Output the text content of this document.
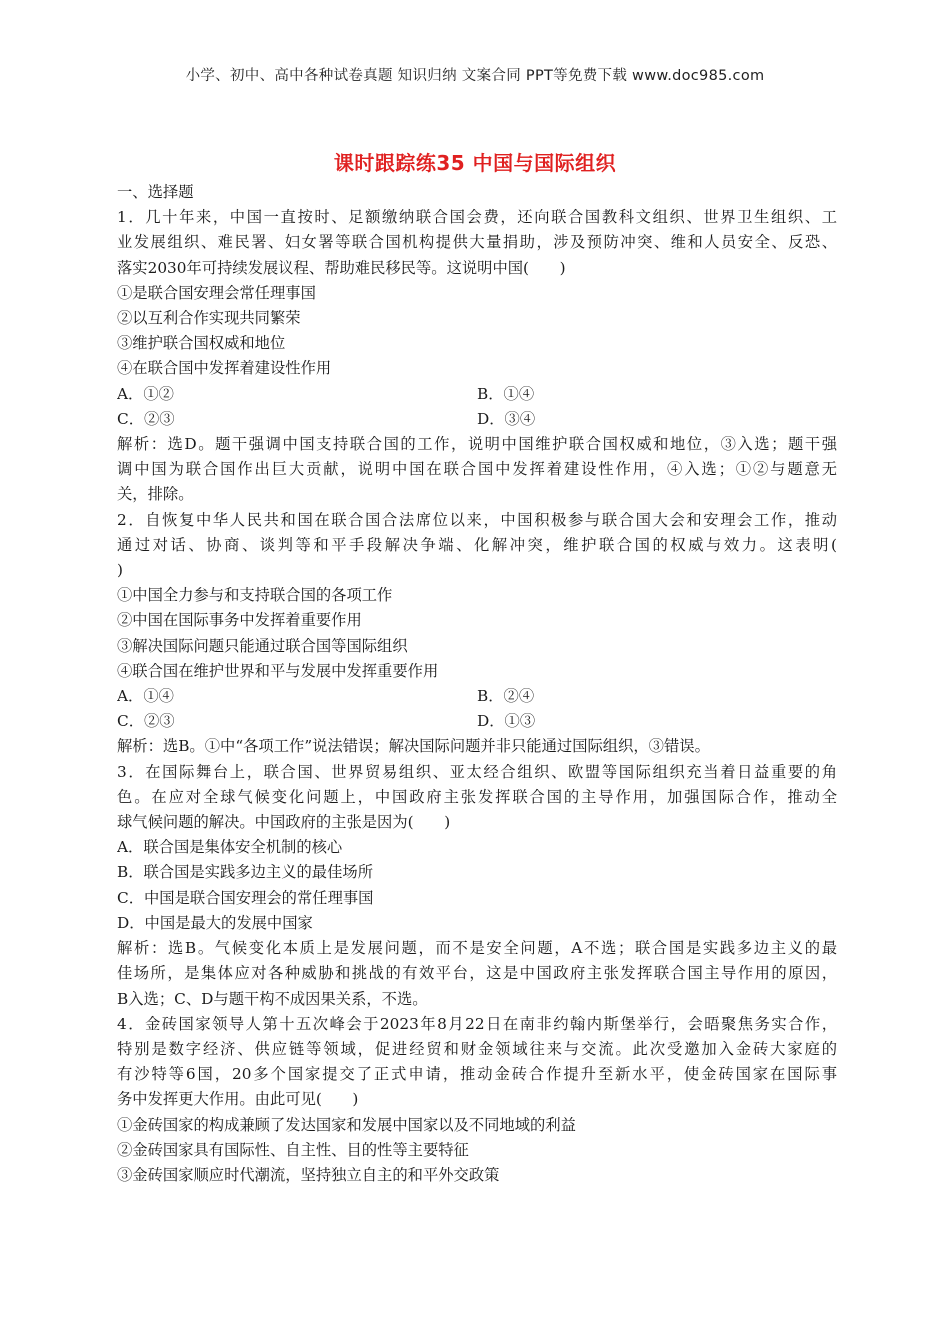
小学、初中、高中各种试卷真题 知识归纳 文案合同 PPT等免费下载 www.doc985.com
课时跟踪练35 中国与国际组织
一、选择题
1．几十年来，中国一直按时、足额缴纳联合国会费，还向联合国教科文组织、世界卫生组织、工
业发展组织、难民署、妇女署等联合国机构提供大量捐助，涉及预防冲突、维和人员安全、反恐、
落实2030年可持续发展议程、帮助难民移民等。这说明中国(　　)
①是联合国安理会常任理事国
②以互利合作实现共同繁荣
③维护联合国权威和地位
④在联合国中发挥着建设性作用
A．①②	B．①④
C．②③	D．③④
解析：选D。题干强调中国支持联合国的工作，说明中国维护联合国权威和地位，③入选；题干强
调中国为联合国作出巨大贡献，说明中国在联合国中发挥着建设性作用，④入选；①②与题意无
关，排除。
2．自恢复中华人民共和国在联合国合法席位以来，中国积极参与联合国大会和安理会工作，推动
通过对话、协商、谈判等和平手段解决争端、化解冲突，维护联合国的权威与效力。这表明(
)
①中国全力参与和支持联合国的各项工作
②中国在国际事务中发挥着重要作用
③解决国际问题只能通过联合国等国际组织
④联合国在维护世界和平与发展中发挥重要作用
A．①④	B．②④
C．②③	D．①③
解析：选B。①中“各项工作”说法错误；解决国际问题并非只能通过国际组织，③错误。
3．在国际舞台上，联合国、世界贸易组织、亚太经合组织、欧盟等国际组织充当着日益重要的角
色。在应对全球气候变化问题上，中国政府主张发挥联合国的主导作用，加强国际合作，推动全
球气候问题的解决。中国政府的主张是因为(　　)
A．联合国是集体安全机制的核心
B．联合国是实践多边主义的最佳场所
C．中国是联合国安理会的常任理事国
D．中国是最大的发展中国家
解析：选B。气候变化本质上是发展问题，而不是安全问题，A不选；联合国是实践多边主义的最
佳场所，是集体应对各种威胁和挑战的有效平台，这是中国政府主张发挥联合国主导作用的原因，
B入选；C、D与题干构不成因果关系，不选。
4．金砖国家领导人第十五次峰会于2023年8月22日在南非约翰内斯堡举行，会晤聚焦务实合作，
特别是数字经济、供应链等领域，促进经贸和财金领域往来与交流。此次受邀加入金砖大家庭的
有沙特等6国，20多个国家提交了正式申请，推动金砖合作提升至新水平，使金砖国家在国际事
务中发挥更大作用。由此可见(　　)
①金砖国家的构成兼顾了发达国家和发展中国家以及不同地域的利益
②金砖国家具有国际性、自主性、目的性等主要特征
③金砖国家顺应时代潮流，坚持独立自主的和平外交政策
